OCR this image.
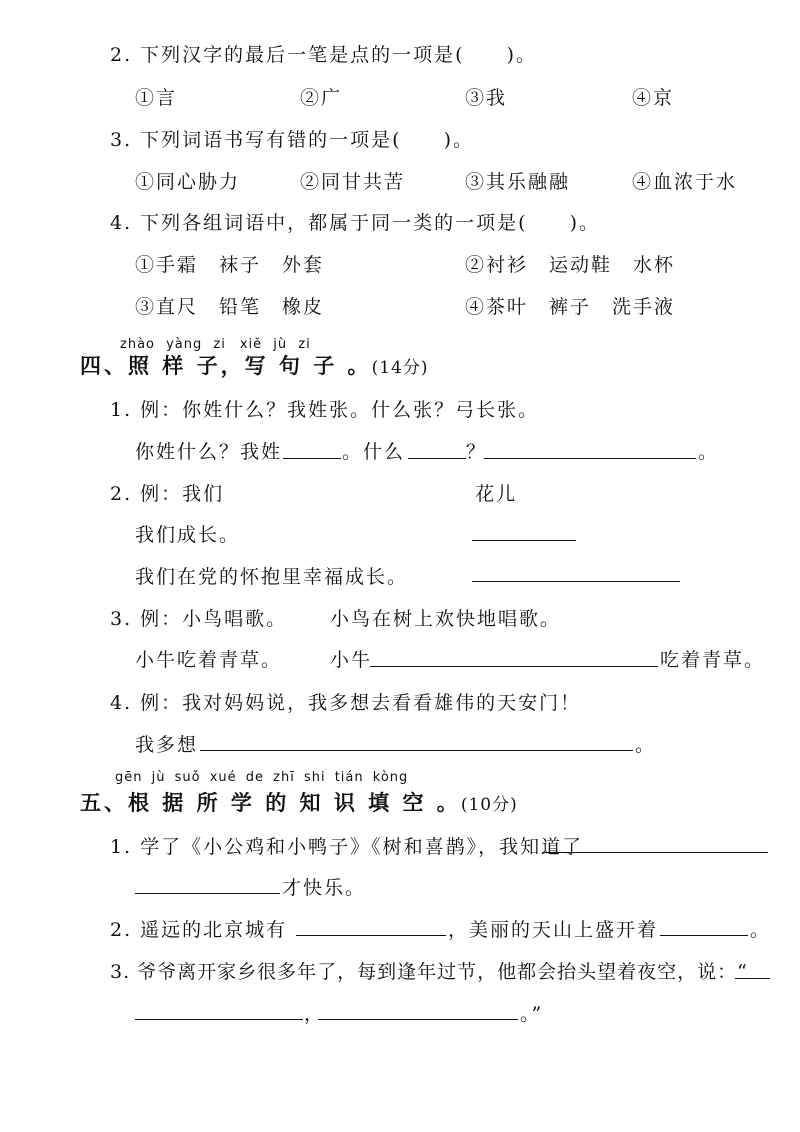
2. 下列汉字的最后一笔是点的一项是(　　)。
①言	②广	③我	④京
3. 下列词语书写有错的一项是(　　)。
①同心胁力	②同甘共苦	③其乐融融	④血浓于水
4. 下列各组词语中，都属于同一类的一项是(　　)。
①手霜　袜子　外套	②衬衫　运动鞋　水杯
③直尺　铅笔　橡皮	④茶叶　裤子　洗手液
zhào yàng zi　xiě jù zi
四、照 样 子，写 句 子 。(14分)
1. 例：你姓什么？我姓张。什么张？弓长张。
你姓什么？我姓	。什么	？	。
2. 例：我们	花儿
我们成长。
我们在党的怀抱里幸福成长。
3. 例：小鸟唱歌。 小鸟在树上欢快地唱歌。
小牛吃着青草。	小牛	吃着青草。
4. 例：我对妈妈说，我多想去看看雄伟的天安门！
我多想	。
gēn jù suǒ xué de zhī shi tián kòng
五、根 据 所 学 的 知 识 填 空 。(10分)
1. 学了《小公鸡和小鸭子》《树和喜鹊》，我知道了
才快乐。
2. 遥远的北京城有	，美丽的天山上盛开着	。
3. 爷爷离开家乡很多年了，每到逢年过节，他都会抬头望着夜空，说：“
，	。”
